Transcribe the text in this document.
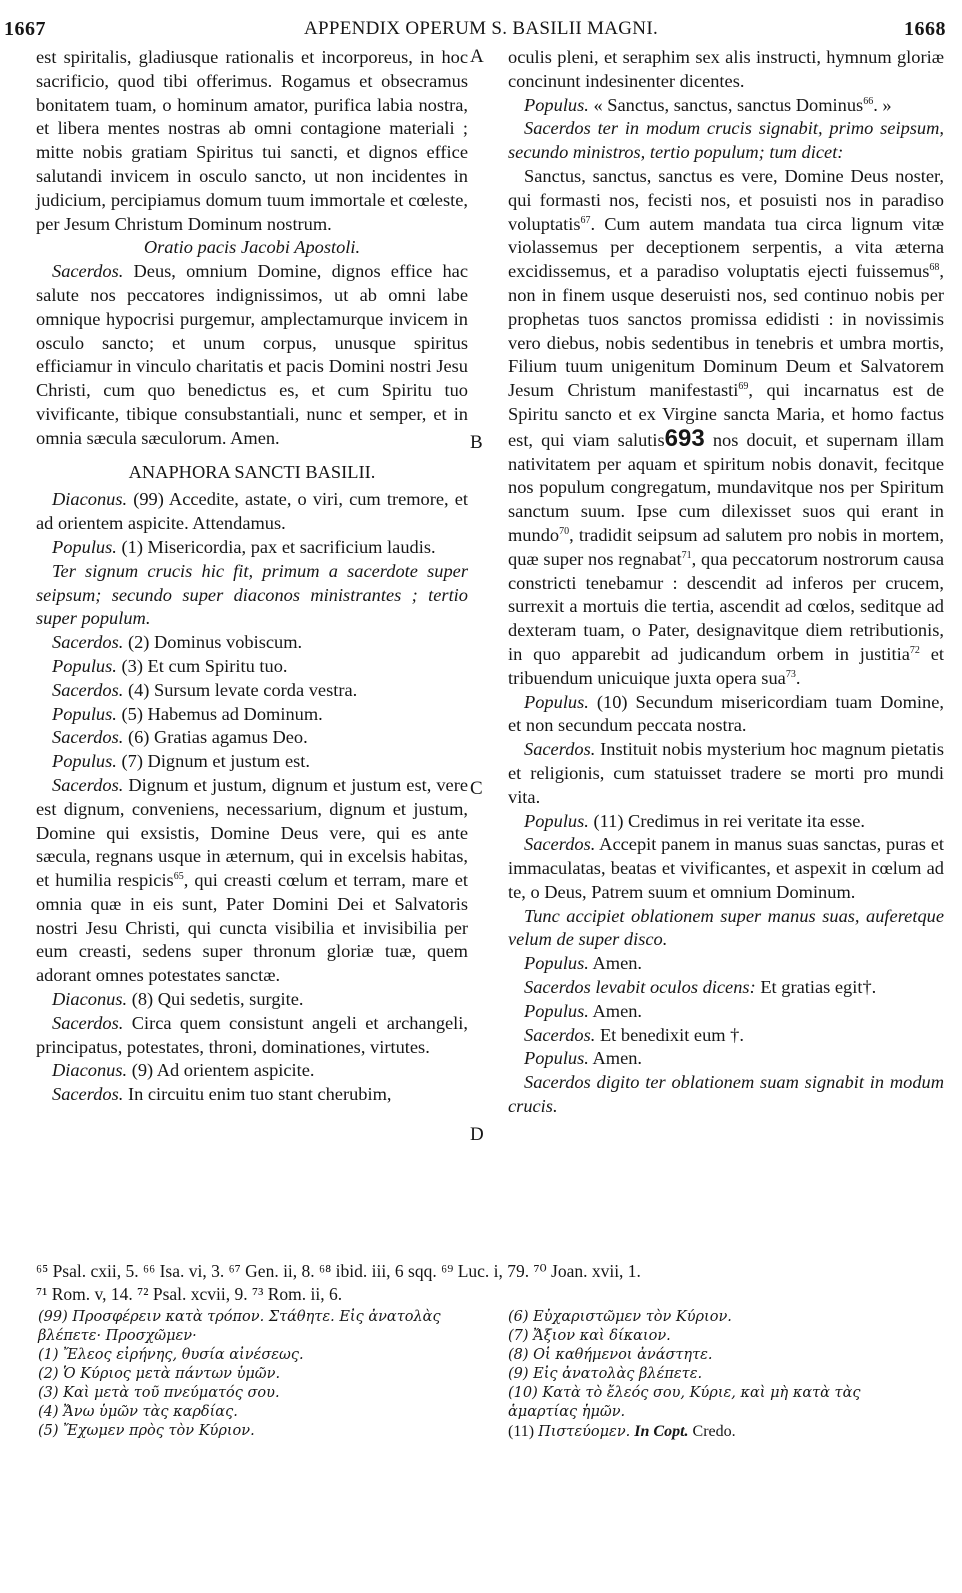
1667	APPENDIX OPERUM S. BASILII MAGNI.	1668

est spiritalis, gladiusque rationalis et incorporeus, in hoc sacrificio, quod tibi offerimus. Rogamus et obsecramus bonitatem tuam, o hominum amator, purifica labia nostra, et libera mentes nostras ab omni contagione materiali ; mitte nobis gratiam Spiritus tui sancti, et dignos effice salutandi invicem in osculo sancto, ut non incidentes in judicium, percipiamus domum tuum immortale et cœleste, per Jesum Christum Dominum nostrum.

Oratio pacis Jacobi Apostoli.

Sacerdos. Deus, omnium Domine, dignos effice hac salute nos peccatores indignissimos, ut ab omni labe omnique hypocrisi purgemur, amplectamurque invicem in osculo sancto; et unum corpus, unusque spiritus efficiamur in vinculo charitatis et pacis Domini nostri Jesu Christi, cum quo benedictus es, et cum Spiritu tuo vivificante, tibique consubstantiali, nunc et semper, et in omnia sæcula sæculorum. Amen.

ANAPHORA SANCTI BASILII.

Diaconus. (99) Accedite, astate, o viri, cum tremore, et ad orientem aspicite. Attendamus.

Populus. (1) Misericordia, pax et sacrificium laudis.

Ter signum crucis hic fit, primum a sacerdote super seipsum; secundo super diaconos ministrantes ; tertio super populum.

Sacerdos. (2) Dominus vobiscum.

Populus. (3) Et cum Spiritu tuo.

Sacerdos. (4) Sursum levate corda vestra.

Populus. (5) Habemus ad Dominum.

Sacerdos. (6) Gratias agamus Deo.

Populus. (7) Dignum et justum est.

Sacerdos. Dignum et justum, dignum et justum est, vere est dignum, conveniens, necessarium, dignum et justum, Domine qui exsistis, Domine Deus vere, qui es ante sæcula, regnans usque in æternum, qui in excelsis habitas, et humilia respicis$^{65}$, qui creasti cœlum et terram, mare et omnia quæ in eis sunt, Pater Domini Dei et Salvatoris nostri Jesu Christi, qui cuncta visibilia et invisibilia per eum creasti, sedens super thronum gloriæ tuæ, quem adorant omnes potestates sanctæ.

Diaconus. (8) Qui sedetis, surgite.

Sacerdos. Circa quem consistunt angeli et archangeli, principatus, potestates, throni, dominationes, virtutes.

Diaconus. (9) Ad orientem aspicite.

Sacerdos. In circuitu enim tuo stant cherubim,

A
B
C
D

oculis pleni, et seraphim sex alis instructi, hymnum gloriæ concinunt indesinenter dicentes.

Populus. « Sanctus, sanctus, sanctus Dominus$^{66}$. »

Sacerdos ter in modum crucis signabit, primo seipsum, secundo ministros, tertio populum; tum dicet:

Sanctus, sanctus, sanctus es vere, Domine Deus noster, qui formasti nos, fecisti nos, et posuisti nos in paradiso voluptatis$^{67}$. Cum autem mandata tua circa lignum vitæ violassemus per deceptionem serpentis, a vita æterna excidissemus, et a paradiso voluptatis ejecti fuissemus$^{68}$, non in finem usque deseruisti nos, sed continuo nobis per prophetas tuos sanctos promissa edidisti : in novissimis vero diebus, nobis sedentibus in tenebris et umbra mortis, Filium tuum unigenitum Dominum Deum et Salvatorem Jesum Christum manifestasti$^{69}$, qui incarnatus est de Spiritu sancto et ex Virgine sancta Maria, et homo factus est, qui viam salutis693 nos docuit, et supernam illam nativitatem per aquam et spiritum nobis donavit, fecitque nos populum congregatum, mundavitque nos per Spiritum sanctum suum. Ipse cum dilexisset suos qui erant in mundo$^{70}$, tradidit seipsum ad salutem pro nobis in mortem, quæ super nos regnabat$^{71}$, qua peccatorum nostrorum causa constricti tenebamur : descendit ad inferos per crucem, surrexit a mortuis die tertia, ascendit ad cœlos, seditque ad dexteram tuam, o Pater, designavitque diem retributionis, in quo apparebit ad judicandum orbem in justitia$^{72}$ et tribuendum unicuique juxta opera sua$^{73}$.

Populus. (10) Secundum misericordiam tuam Domine, et non secundum peccata nostra.

Sacerdos. Instituit nobis mysterium hoc magnum pietatis et religionis, cum statuisset tradere se morti pro mundi vita.

Populus. (11) Credimus in rei veritate ita esse.

Sacerdos. Accepit panem in manus suas sanctas, puras et immaculatas, beatas et vivificantes, et aspexit in cœlum ad te, o Deus, Patrem suum et omnium Dominum.

Tunc accipiet oblationem super manus suas, auferetque velum de super disco.

Populus. Amen.

Sacerdos levabit oculos dicens: Et gratias egit†.

Populus. Amen.

Sacerdos. Et benedixit eum †.

Populus. Amen.

Sacerdos digito ter oblationem suam signabit in modum crucis.

⁶⁵ Psal. cxii, 5. ⁶⁶ Isa. vi, 3. ⁶⁷ Gen. ii, 8. ⁶⁸ ibid. iii, 6 sqq. ⁶⁹ Luc. i, 79. ⁷⁰ Joan. xvii, 1.
⁷¹ Rom. v, 14. ⁷² Psal. xcvii, 9. ⁷³ Rom. ii, 6.
(99) Προσφέρειν κατὰ τρόπον. Στάθητε. Εἰς ἀνατολὰς
βλέπετε· Προσχῶμεν·
(1) Ἔλεος εἰρήνης, θυσία αἰνέσεως.
(2) Ὁ Κύριος μετὰ πάντων ὑμῶν.
(3) Καὶ μετὰ τοῦ πνεύματός σου.
(4) Ἄνω ὑμῶν τὰς καρδίας.
(5) Ἔχωμεν πρὸς τὸν Κύριον.
(6) Εὐχαριστῶμεν τὸν Κύριον.
(7) Ἄξιον καὶ δίκαιον.
(8) Οἱ καθήμενοι ἀνάστητε.
(9) Εἰς ἀνατολὰς βλέπετε.
(10) Κατὰ τὸ ἔλεός σου, Κύριε, καὶ μὴ κατὰ τὰς
ἁμαρτίας ἡμῶν.
(11) Πιστεύομεν. In Copt. Credo.
